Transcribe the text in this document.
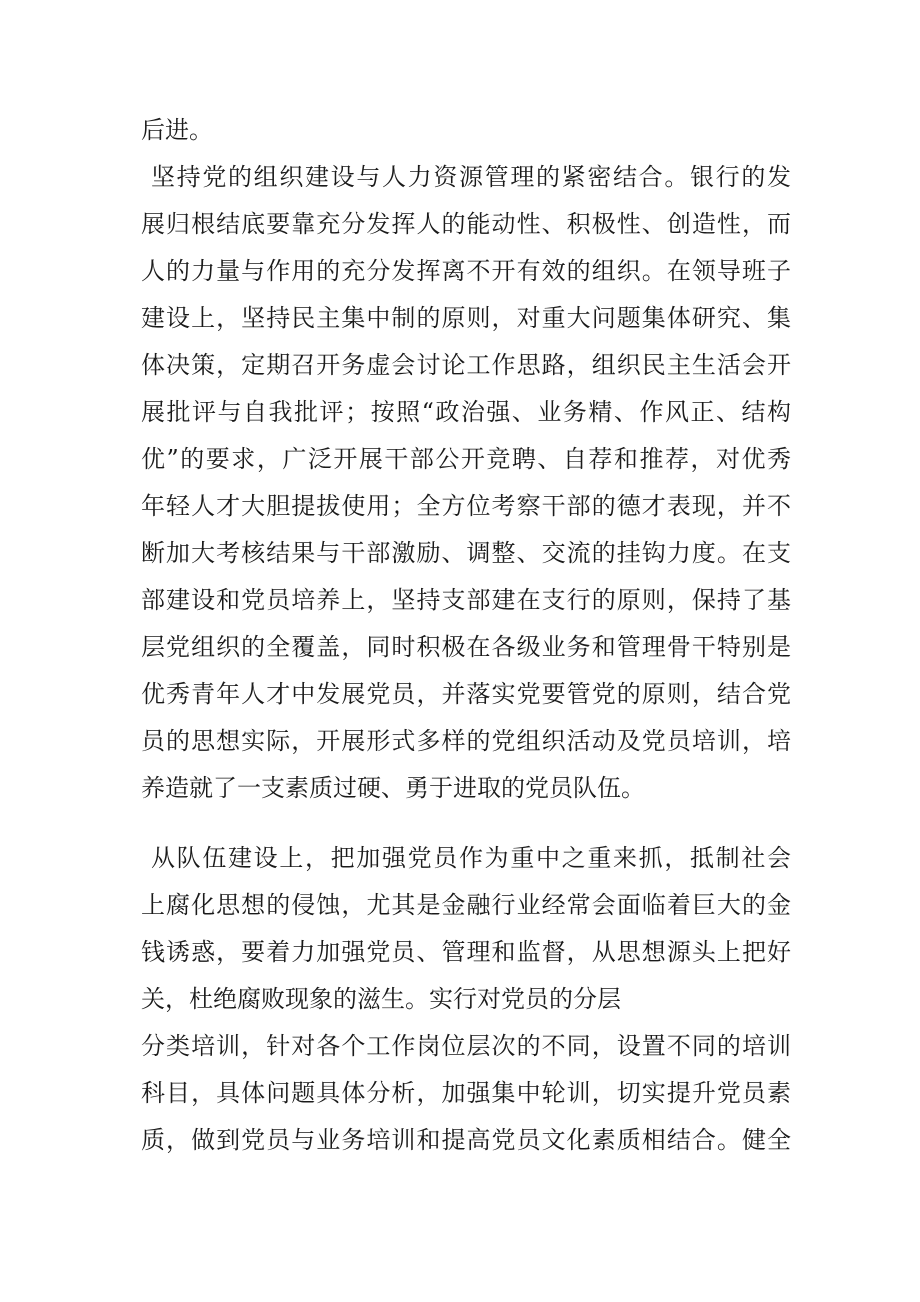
后进。
坚持党的组织建设与人力资源管理的紧密结合。银行的发
展归根结底要靠充分发挥人的能动性、积极性、创造性，而
人的力量与作用的充分发挥离不开有效的组织。在领导班子
建设上，坚持民主集中制的原则，对重大问题集体研究、集
体决策，定期召开务虚会讨论工作思路，组织民主生活会开
展批评与自我批评；按照“政治强、业务精、作风正、结构
优”的要求，广泛开展干部公开竞聘、自荐和推荐，对优秀
年轻人才大胆提拔使用；全方位考察干部的德才表现，并不
断加大考核结果与干部激励、调整、交流的挂钩力度。在支
部建设和党员培养上，坚持支部建在支行的原则，保持了基
层党组织的全覆盖，同时积极在各级业务和管理骨干特别是
优秀青年人才中发展党员，并落实党要管党的原则，结合党
员的思想实际，开展形式多样的党组织活动及党员培训，培
养造就了一支素质过硬、勇于进取的党员队伍。
从队伍建设上，把加强党员作为重中之重来抓，抵制社会
上腐化思想的侵蚀，尤其是金融行业经常会面临着巨大的金
钱诱惑，要着力加强党员、管理和监督，从思想源头上把好
关，杜绝腐败现象的滋生。实行对党员的分层
分类培训，针对各个工作岗位层次的不同，设置不同的培训
科目，具体问题具体分析，加强集中轮训，切实提升党员素
质，做到党员与业务培训和提高党员文化素质相结合。健全
